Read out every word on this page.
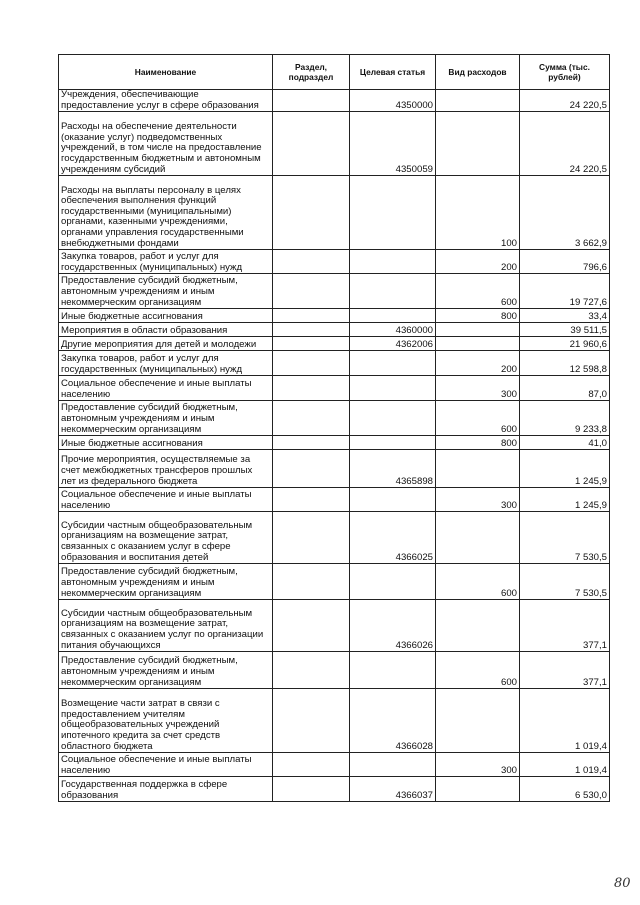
Наименование	Раздел, подраздел	Целевая статья	Вид расходов	Сумма (тыс. рублей)
Учреждения, обеспечивающие предоставление услуг в сфере образования		4350000		24 220,5
Расходы на обеспечение деятельности (оказание услуг) подведомственных учреждений, в том числе на предоставление государственным бюджетным и автономным учреждениям субсидий		4350059		24 220,5
Расходы на выплаты персоналу в целях обеспечения выполнения функций государственными (муниципальными) органами, казенными учреждениями, органами управления государственными внебюджетными фондами			100	3 662,9
Закупка товаров, работ и услуг для государственных (муниципальных) нужд			200	796,6
Предоставление субсидий бюджетным, автономным учреждениям и иным некоммерческим организациям			600	19 727,6
Иные бюджетные ассигнования			800	33,4
Мероприятия в области образования		4360000		39 511,5
Другие мероприятия для детей и молодежи		4362006		21 960,6
Закупка товаров, работ и услуг для государственных (муниципальных) нужд			200	12 598,8
Социальное обеспечение и иные выплаты населению			300	87,0
Предоставление субсидий бюджетным, автономным учреждениям и иным некоммерческим организациям			600	9 233,8
Иные бюджетные ассигнования			800	41,0
Прочие мероприятия, осуществляемые за счет межбюджетных трансферов прошлых лет из федерального бюджета		4365898		1 245,9
Социальное обеспечение и иные выплаты населению			300	1 245,9
Субсидии частным общеобразовательным организациям на возмещение затрат, связанных с оказанием услуг в сфере образования и воспитания детей		4366025		7 530,5
Предоставление субсидий бюджетным, автономным учреждениям и иным некоммерческим организациям			600	7 530,5
Субсидии частным общеобразовательным организациям на возмещение затрат, связанных с оказанием услуг по организации питания обучающихся		4366026		377,1
Предоставление субсидий бюджетным, автономным учреждениям и иным некоммерческим организациям			600	377,1
Возмещение части затрат в связи с предоставлением учителям общеобразовательных учреждений ипотечного кредита за счет средств областного бюджета		4366028		1 019,4
Социальное обеспечение и иные выплаты населению			300	1 019,4
Государственная поддержка в сфере образования		4366037		6 530,0
80
